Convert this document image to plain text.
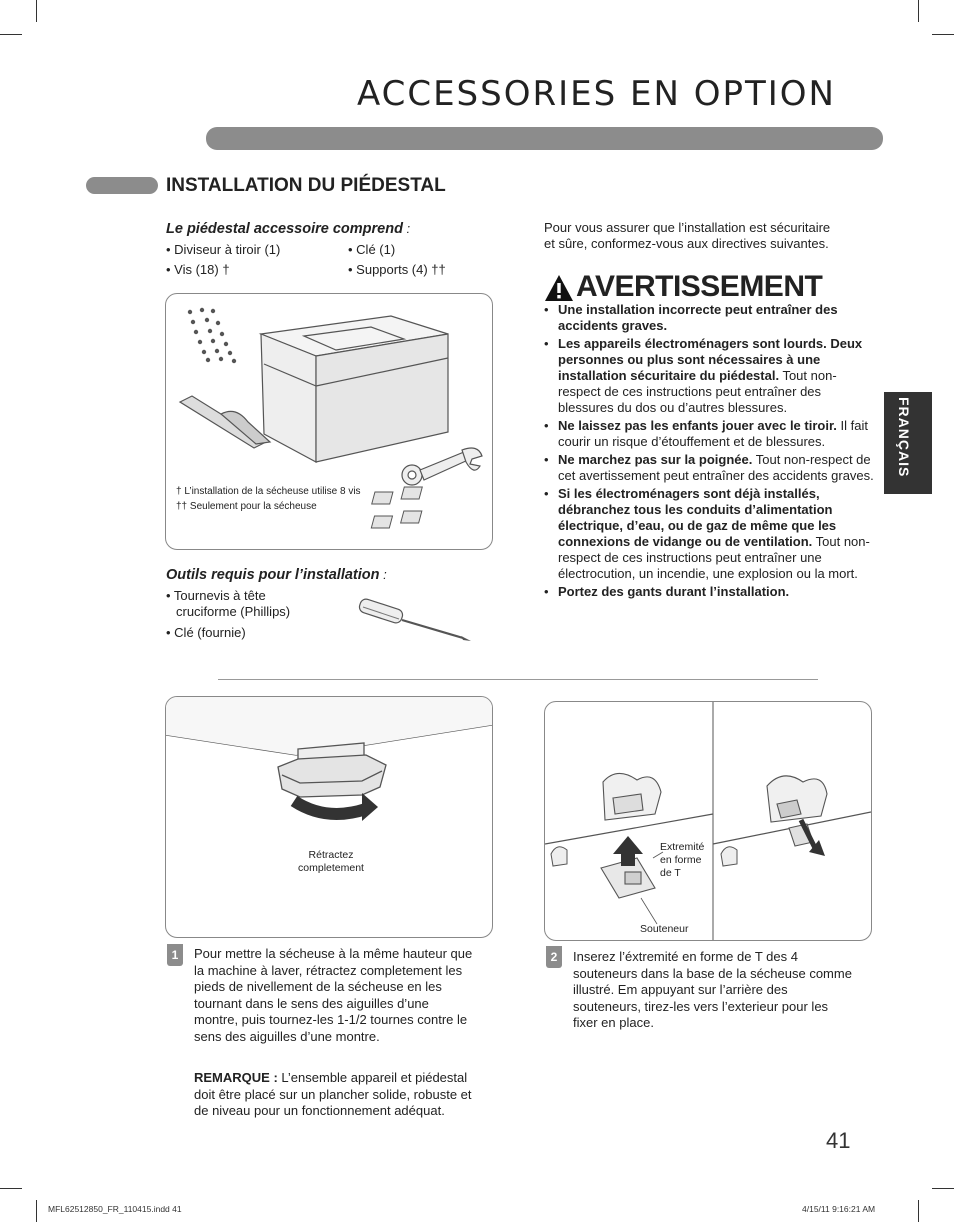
ACCESSORIES EN OPTION
INSTALLATION DU PIÉDESTAL
Le piédestal accessoire comprend :
• Diviseur à tiroir (1)
• Vis (18) †
• Clé (1)
• Supports (4) ††
† L’installation de la sécheuse utilise 8 vis
†† Seulement pour la sécheuse
Outils requis pour l’installation :
• Tournevis à tête
cruciforme (Phillips)
• Clé (fournie)
Pour vous assurer que l’installation est sécuritaire
et sûre, conformez-vous aux directives suivantes.
AVERTISSEMENT
• Une installation incorrecte peut entraîner des accidents graves.
• Les appareils électroménagers sont lourds. Deux personnes ou plus sont nécessaires à une installation sécuritaire du piédestal. Tout non-respect de ces instructions peut entraîner des blessures du dos ou d’autres blessures.
• Ne laissez pas les enfants jouer avec le tiroir. Il fait courir un risque d’étouffement et de blessures.
• Ne marchez pas sur la poignée. Tout non-respect de cet avertissement peut entraîner des accidents graves.
• Si les électroménagers sont déjà installés, débranchez tous les conduits d’alimentation électrique, d’eau, ou de gaz de même que les connexions de vidange ou de ventilation. Tout non-respect de ces instructions peut entraîner une électrocution, un incendie, une explosion ou la mort.
• Portez des gants durant l’installation.
FRANÇAIS
Rétractez
completement
1	Pour mettre la sécheuse à la même hauteur que la machine à laver, rétractez completement les pieds de nivellement de la sécheuse en les tournant dans le sens des aiguilles d’une montre, puis tournez-les 1-1/2 tournes contre le sens des aiguilles d’une montre.
REMARQUE : L’ensemble appareil et piédestal doit être placé sur un plancher solide, robuste et de niveau pour un fonctionnement adéquat.
Extremité
en forme
de T
Souteneur
2	Inserez l’éxtremité en forme de T des 4 souteneurs dans la base de la sécheuse comme illustré. Em appuyant sur l’arrière des souteneurs, tirez-les vers l’exterieur pour les fixer en place.
41
MFL62512850_FR_110415.indd 41	4/15/11 9:16:21 AM
